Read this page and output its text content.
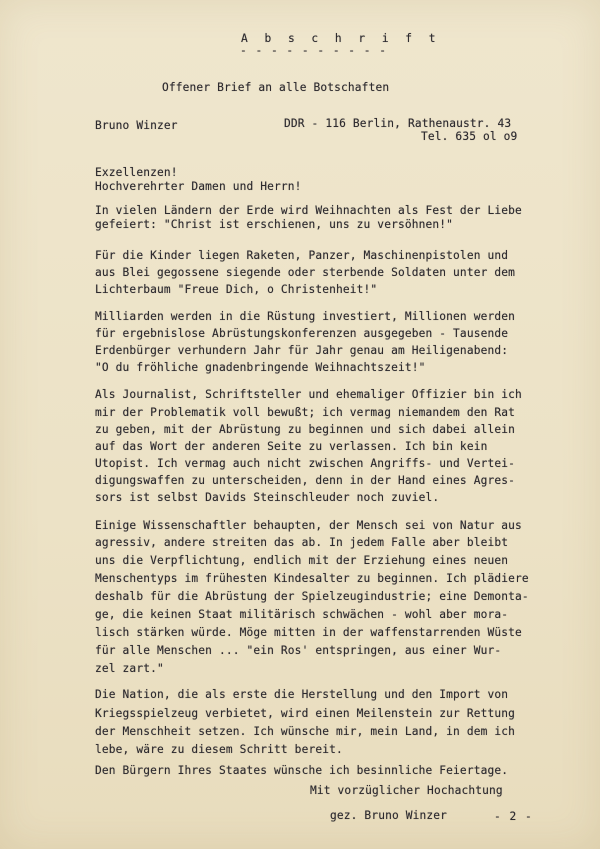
A b s c h r i f t
- - - - - - - - - -
Offener Brief an alle Botschaften
Bruno Winzer	DDR - 116 Berlin, Rathenaustr. 43
Tel. 635 ol o9
Exzellenzen!
Hochverehrter Damen und Herrn!
In vielen Ländern der Erde wird Weihnachten als Fest der Liebe
gefeiert: "Christ ist erschienen, uns zu versöhnen!"
Für die Kinder liegen Raketen, Panzer, Maschinenpistolen und
aus Blei gegossene siegende oder sterbende Soldaten unter dem
Lichterbaum "Freue Dich, o Christenheit!"
Milliarden werden in die Rüstung investiert, Millionen werden
für ergebnislose Abrüstungskonferenzen ausgegeben - Tausende
Erdenbürger verhundern Jahr für Jahr genau am Heiligenabend:
"O du fröhliche gnadenbringende Weihnachtszeit!"
Als Journalist, Schriftsteller und ehemaliger Offizier bin ich
mir der Problematik voll bewußt; ich vermag niemandem den Rat
zu geben, mit der Abrüstung zu beginnen und sich dabei allein
auf das Wort der anderen Seite zu verlassen. Ich bin kein
Utopist. Ich vermag auch nicht zwischen Angriffs- und Vertei-
digungswaffen zu unterscheiden, denn in der Hand eines Agres-
sors ist selbst Davids Steinschleuder noch zuviel.
Einige Wissenschaftler behaupten, der Mensch sei von Natur aus
agressiv, andere streiten das ab. In jedem Falle aber bleibt
uns die Verpflichtung, endlich mit der Erziehung eines neuen
Menschentyps im frühesten Kindesalter zu beginnen. Ich plädiere
deshalb für die Abrüstung der Spielzeugindustrie; eine Demonta-
ge, die keinen Staat militärisch schwächen - wohl aber mora-
lisch stärken würde. Möge mitten in der waffenstarrenden Wüste
für alle Menschen ... "ein Ros' entspringen, aus einer Wur-
zel zart."
Die Nation, die als erste die Herstellung und den Import von
Kriegsspielzeug verbietet, wird einen Meilenstein zur Rettung
der Menschheit setzen. Ich wünsche mir, mein Land, in dem ich
lebe, wäre zu diesem Schritt bereit.
Den Bürgern Ihres Staates wünsche ich besinnliche Feiertage.
Mit vorzüglicher Hochachtung
gez. Bruno Winzer	- 2 -
